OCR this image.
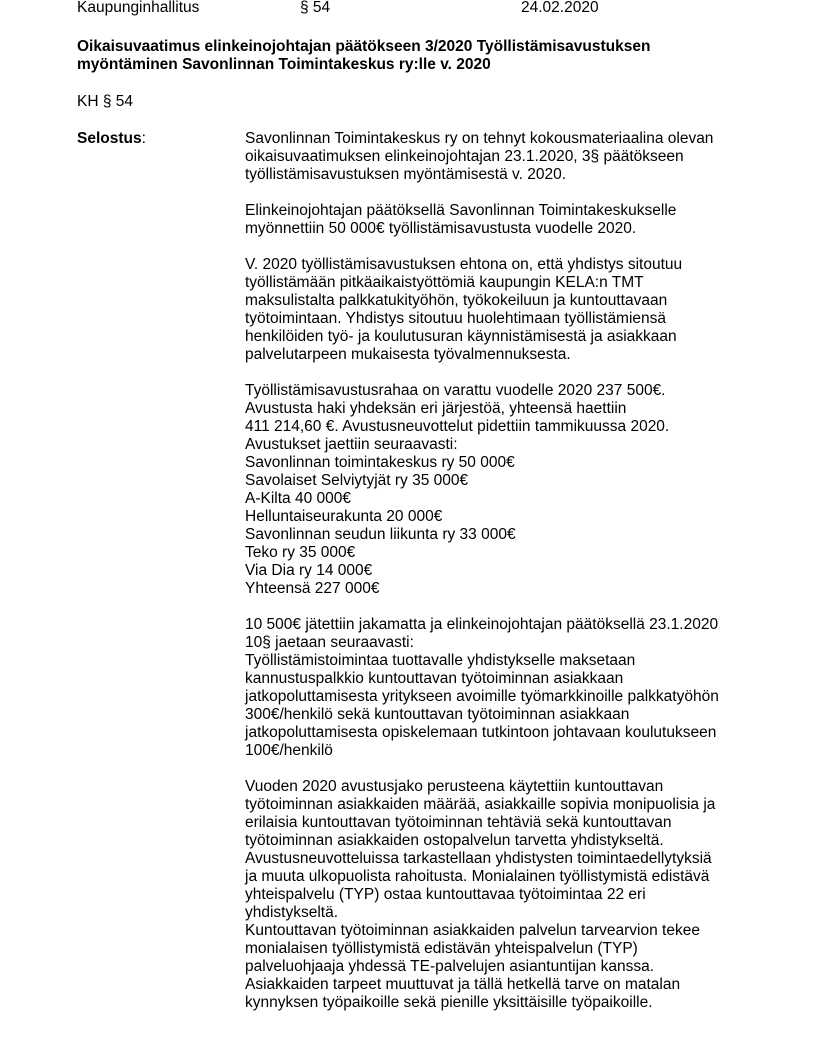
Kaupunginhallitus	§ 54	24.02.2020
Oikaisuvaatimus elinkeinojohtajan päätökseen 3/2020 Työllistämisavustuksen
myöntäminen Savonlinnan Toimintakeskus ry:lle v. 2020
KH § 54
Selostus:	Savonlinnan Toimintakeskus ry on tehnyt kokousmateriaalina olevan
oikaisuvaatimuksen elinkeinojohtajan 23.1.2020, 3§ päätökseen
työllistämisavustuksen myöntämisestä v. 2020.
Elinkeinojohtajan päätöksellä Savonlinnan Toimintakeskukselle
myönnettiin 50 000€ työllistämisavustusta vuodelle 2020.
V. 2020 työllistämisavustuksen ehtona on, että yhdistys sitoutuu
työllistämään pitkäaikaistyöttömiä kaupungin KELA:n TMT
maksulistalta palkkatukityöhön, työkokeiluun ja kuntouttavaan
työtoimintaan. Yhdistys sitoutuu huolehtimaan työllistämiensä
henkilöiden työ- ja koulutusuran käynnistämisestä ja asiakkaan
palvelutarpeen mukaisesta työvalmennuksesta.
Työllistämisavustusrahaa on varattu vuodelle 2020 237 500€.
Avustusta haki yhdeksän eri järjestöä, yhteensä haettiin
411 214,60 €. Avustusneuvottelut pidettiin tammikuussa 2020.
Avustukset jaettiin seuraavasti:
Savonlinnan toimintakeskus ry 50 000€
Savolaiset Selviytyjät ry 35 000€
A-Kilta 40 000€
Helluntaiseurakunta 20 000€
Savonlinnan seudun liikunta ry 33 000€
Teko ry 35 000€
Via Dia ry 14 000€
Yhteensä 227 000€
10 500€ jätettiin jakamatta ja elinkeinojohtajan päätöksellä 23.1.2020
10§ jaetaan seuraavasti:
Työllistämistoimintaa tuottavalle yhdistykselle maksetaan
kannustuspalkkio kuntouttavan työtoiminnan asiakkaan
jatkopoluttamisesta yritykseen avoimille työmarkkinoille palkkatyöhön
300€/henkilö sekä kuntouttavan työtoiminnan asiakkaan
jatkopoluttamisesta opiskelemaan tutkintoon johtavaan koulutukseen
100€/henkilö
Vuoden 2020 avustusjako perusteena käytettiin kuntouttavan
työtoiminnan asiakkaiden määrää, asiakkaille sopivia monipuolisia ja
erilaisia kuntouttavan työtoiminnan tehtäviä sekä kuntouttavan
työtoiminnan asiakkaiden ostopalvelun tarvetta yhdistykseltä.
Avustusneuvotteluissa tarkastellaan yhdistysten toimintaedellytyksiä
ja muuta ulkopuolista rahoitusta. Monialainen työllistymistä edistävä
yhteispalvelu (TYP) ostaa kuntouttavaa työtoimintaa 22 eri
yhdistykseltä.
Kuntouttavan työtoiminnan asiakkaiden palvelun tarvearvion tekee
monialaisen työllistymistä edistävän yhteispalvelun (TYP)
palveluohjaaja yhdessä TE-palvelujen asiantuntijan kanssa.
Asiakkaiden tarpeet muuttuvat ja tällä hetkellä tarve on matalan
kynnyksen työpaikoille sekä pienille yksittäisille työpaikoille.
